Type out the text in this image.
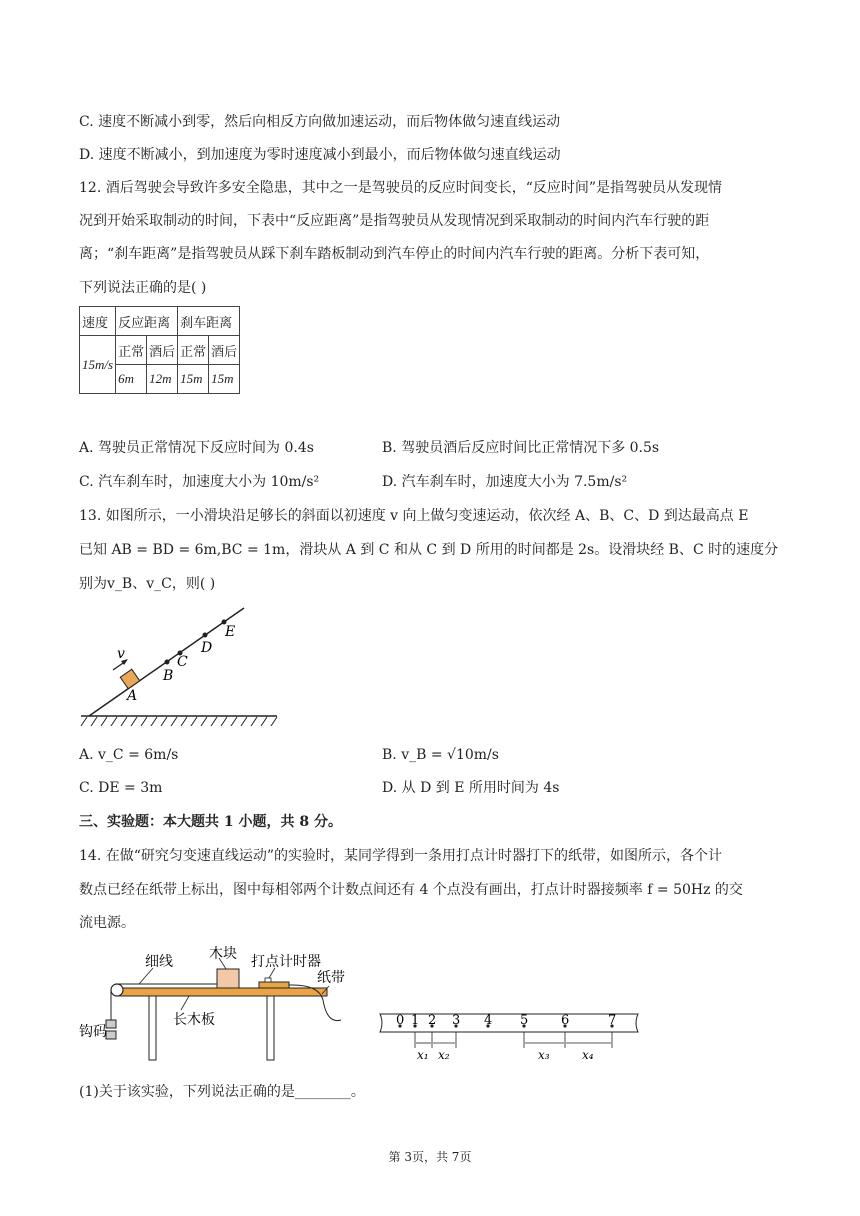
C. 速度不断减小到零，然后向相反方向做加速运动，而后物体做匀速直线运动
D. 速度不断减小，到加速度为零时速度减小到最小，而后物体做匀速直线运动
12. 酒后驾驶会导致许多安全隐患，其中之一是驾驶员的反应时间变长，“反应时间”是指驾驶员从发现情
况到开始采取制动的时间，下表中“反应距离”是指驾驶员从发现情况到采取制动的时间内汽车行驶的距
离；“刹车距离”是指驾驶员从踩下刹车踏板制动到汽车停止的时间内汽车行驶的距离。分析下表可知，
下列说法正确的是( )
速度	反应距离		刹车距离	
15m/s	正常	酒后	正常	酒后
	6m	12m	15m	15m
A. 驾驶员正常情况下反应时间为 0.4s	B. 驾驶员酒后反应时间比正常情况下多 0.5s
C. 汽车刹车时，加速度大小为 10m/s²	D. 汽车刹车时，加速度大小为 7.5m/s²
13. 如图所示，一小滑块沿足够长的斜面以初速度 v 向上做匀变速运动，依次经 A、B、C、D 到达最高点 E
已知 AB = BD = 6m,BC = 1m，滑块从 A 到 C 和从 C 到 D 所用的时间都是 2s。设滑块经 B、C 时的速度分
别为v_B、v_C，则( )
v
A
B
C
D
E
A. v_C = 6m/s	B. v_B = √10m/s
C. DE = 3m	D. 从 D 到 E 所用时间为 4s
三、实验题：本大题共 1 小题，共 8 分。
14. 在做“研究匀变速直线运动”的实验时，某同学得到一条用打点计时器打下的纸带，如图所示，各个计
数点已经在纸带上标出，图中每相邻两个计数点间还有 4 个点没有画出，打点计时器接频率 f = 50Hz 的交
流电源。
细线	木块 打点计时器
纸带
长木板
钩码
0 1 2 3 4 5	6	7
x₁ x₂	x₃	x₄
(1)关于该实验，下列说法正确的是________。
第 3页，共 7页
